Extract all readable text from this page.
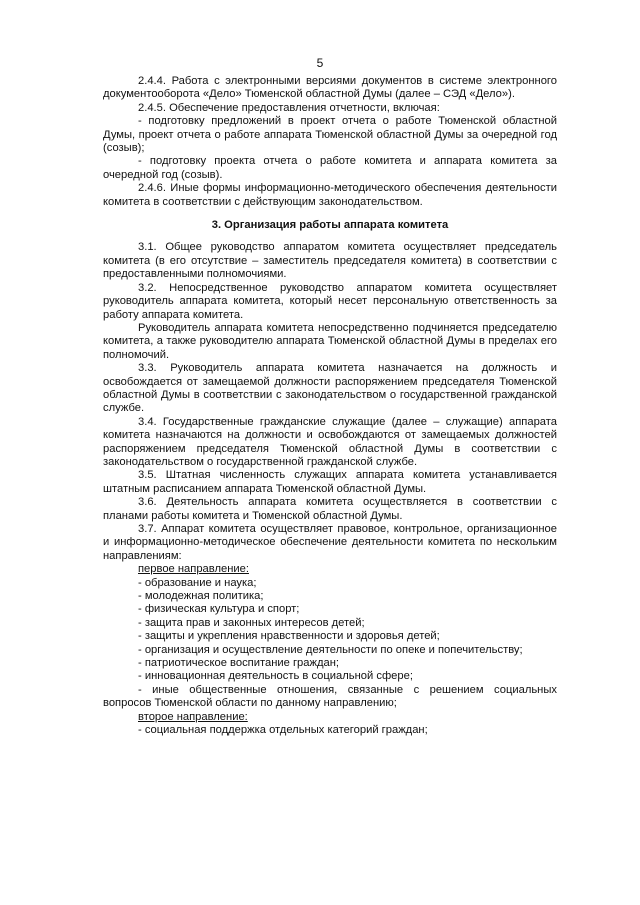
5

2.4.4. Работа с электронными версиями документов в системе электронного документооборота «Дело» Тюменской областной Думы (далее – СЭД «Дело»).

2.4.5. Обеспечение предоставления отчетности, включая:

- подготовку предложений в проект отчета о работе Тюменской областной Думы, проект отчета о работе аппарата Тюменской областной Думы за очередной год (созыв);

- подготовку проекта отчета о работе комитета и аппарата комитета за очередной год (созыв).

2.4.6. Иные формы информационно-методического обеспечения деятельности комитета в соответствии с действующим законодательством.

3. Организация работы аппарата комитета

3.1. Общее руководство аппаратом комитета осуществляет председатель комитета (в его отсутствие – заместитель председателя комитета) в соответствии с предоставленными полномочиями.

3.2. Непосредственное руководство аппаратом комитета осуществляет руководитель аппарата комитета, который несет персональную ответственность за работу аппарата комитета.

Руководитель аппарата комитета непосредственно подчиняется председателю комитета, а также руководителю аппарата Тюменской областной Думы в пределах его полномочий.

3.3. Руководитель аппарата комитета назначается на должность и освобождается от замещаемой должности распоряжением председателя Тюменской областной Думы в соответствии с законодательством о государственной гражданской службе.

3.4. Государственные гражданские служащие (далее – служащие) аппарата комитета назначаются на должности и освобождаются от замещаемых должностей распоряжением председателя Тюменской областной Думы в соответствии с законодательством о государственной гражданской службе.

3.5. Штатная численность служащих аппарата комитета устанавливается штатным расписанием аппарата Тюменской областной Думы.

3.6. Деятельность аппарата комитета осуществляется в соответствии с планами работы комитета и Тюменской областной Думы.

3.7. Аппарат комитета осуществляет правовое, контрольное, организационное и информационно-методическое обеспечение деятельности комитета по нескольким направлениям:

первое направление:

- образование и наука;

- молодежная политика;

- физическая культура и спорт;

- защита прав и законных интересов детей;

- защиты и укрепления нравственности и здоровья детей;

- организация и осуществление деятельности по опеке и попечительству;

- патриотическое воспитание граждан;

- инновационная деятельность в социальной сфере;

- иные общественные отношения, связанные с решением социальных вопросов Тюменской области по данному направлению;

второе направление:

- социальная поддержка отдельных категорий граждан;
